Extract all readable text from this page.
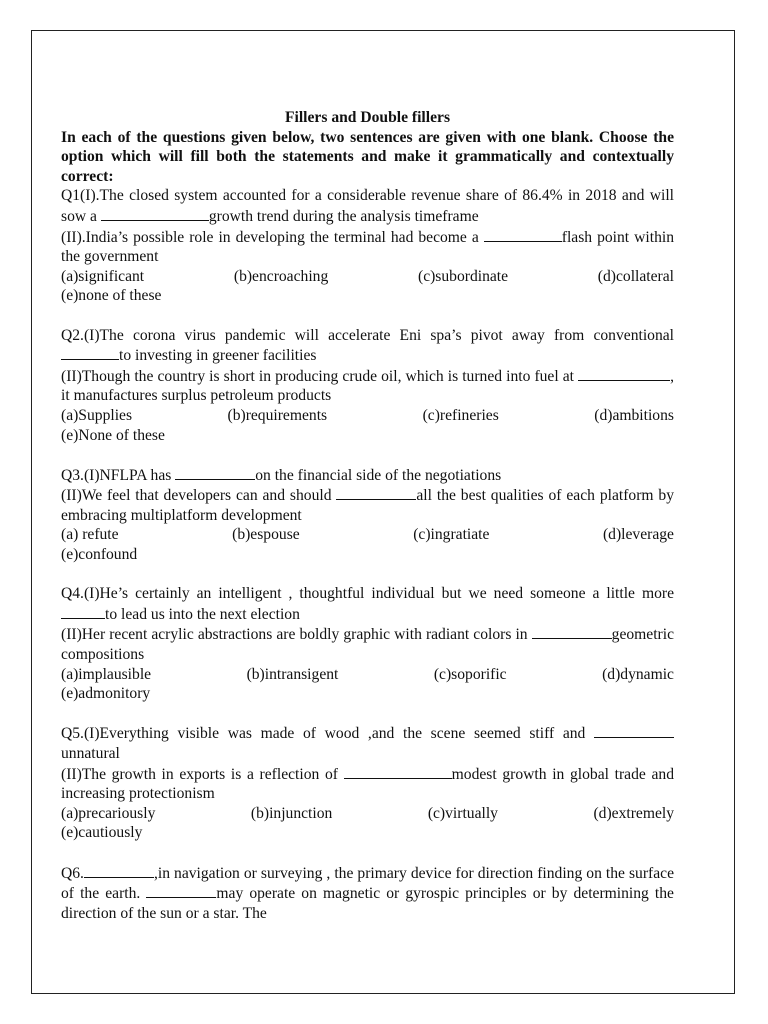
Fillers and Double fillers
In each of the questions given below, two sentences are given with one blank. Choose the option which will fill both the statements and make it grammatically and contextually correct:
Q1(I).The closed system accounted for a considerable revenue share of 86.4% in 2018 and will sow a	growth trend during the analysis timeframe
(II).India’s possible role in developing the terminal had become a	flash point within the government
(a)significant	(b)encroaching	(c)subordinate	(d)collateral
(e)none of these
Q2.(I)The corona virus pandemic will accelerate Eni spa’s pivot away from conventional to investing in greener facilities
(II)Though the country is short in producing crude oil, which is turned into fuel at	, it manufactures surplus petroleum products
(a)Supplies	(b)requirements	(c)refineries	(d)ambitions
(e)None of these
Q3.(I)NFLPA has	on the financial side of the negotiations
(II)We feel that developers can and should	all the best qualities of each platform by embracing multiplatform development
(a) refute	(b)espouse	(c)ingratiate	(d)leverage
(e)confound
Q4.(I)He’s certainly an intelligent , thoughtful individual but we need someone a little more to lead us into the next election
(II)Her recent acrylic abstractions are boldly graphic with radiant colors in	geometric compositions
(a)implausible	(b)intransigent	(c)soporific	(d)dynamic
(e)admonitory
Q5.(I)Everything visible was made of wood ,and the scene seemed stiff and unnatural
(II)The growth in exports is a reflection of	modest growth in global trade and increasing protectionism
(a)precariously	(b)injunction	(c)virtually	(d)extremely
(e)cautiously
Q6.	,in navigation or surveying , the primary device for direction finding on the surface of the earth.	may operate on magnetic or gyrospic principles or by determining the direction of the sun or a star. The
